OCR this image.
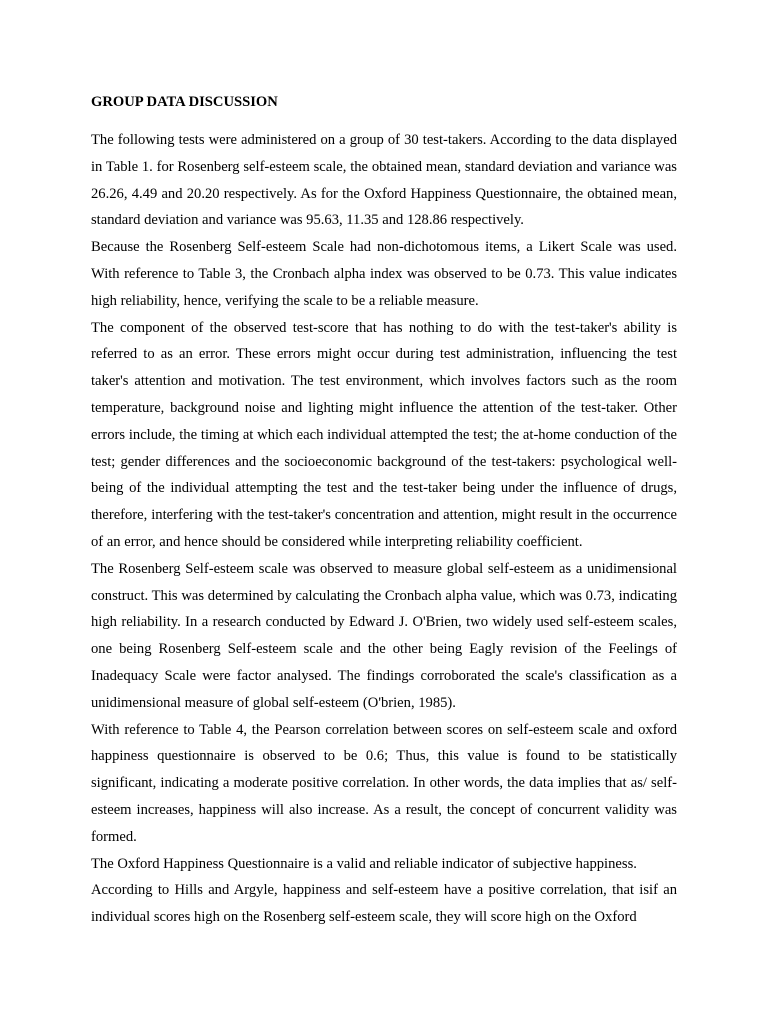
GROUP DATA DISCUSSION

The following tests were administered on a group of 30 test-takers. According to the data displayed in Table 1. for Rosenberg self-esteem scale, the obtained mean, standard deviation and variance was 26.26, 4.49 and 20.20 respectively. As for the Oxford Happiness Questionnaire, the obtained mean, standard deviation and variance was 95.63, 11.35 and 128.86 respectively.

Because the Rosenberg Self-esteem Scale had non-dichotomous items, a Likert Scale was used. With reference to Table 3, the Cronbach alpha index was observed to be 0.73. This value indicates high reliability, hence, verifying the scale to be a reliable measure.

The component of the observed test-score that has nothing to do with the test-taker's ability is referred to as an error. These errors might occur during test administration, influencing the test taker's attention and motivation. The test environment, which involves factors such as the room temperature, background noise and lighting might influence the attention of the test-taker. Other errors include, the timing at which each individual attempted the test; the at-home conduction of the test; gender differences and the socioeconomic background of the test-takers: psychological well-being of the individual attempting the test and the test-taker being under the influence of drugs, therefore, interfering with the test-taker's concentration and attention, might result in the occurrence of an error, and hence should be considered while interpreting reliability coefficient.

The Rosenberg Self-esteem scale was observed to measure global self-esteem as a unidimensional construct. This was determined by calculating the Cronbach alpha value, which was 0.73, indicating high reliability. In a research conducted by Edward J. O'Brien, two widely used self-esteem scales, one being Rosenberg Self-esteem scale and the other being Eagly revision of the Feelings of Inadequacy Scale were factor analysed. The findings corroborated the scale's classification as a unidimensional measure of global self-esteem (O'brien, 1985).

With reference to Table 4, the Pearson correlation between scores on self-esteem scale and oxford happiness questionnaire is observed to be 0.6; Thus, this value is found to be statistically significant, indicating a moderate positive correlation. In other words, the data implies that as/ self-esteem increases, happiness will also increase. As a result, the concept of concurrent validity was formed.

The Oxford Happiness Questionnaire is a valid and reliable indicator of subjective happiness.

According to Hills and Argyle, happiness and self-esteem have a positive correlation, that isif an individual scores high on the Rosenberg self-esteem scale, they will score high on the Oxford
